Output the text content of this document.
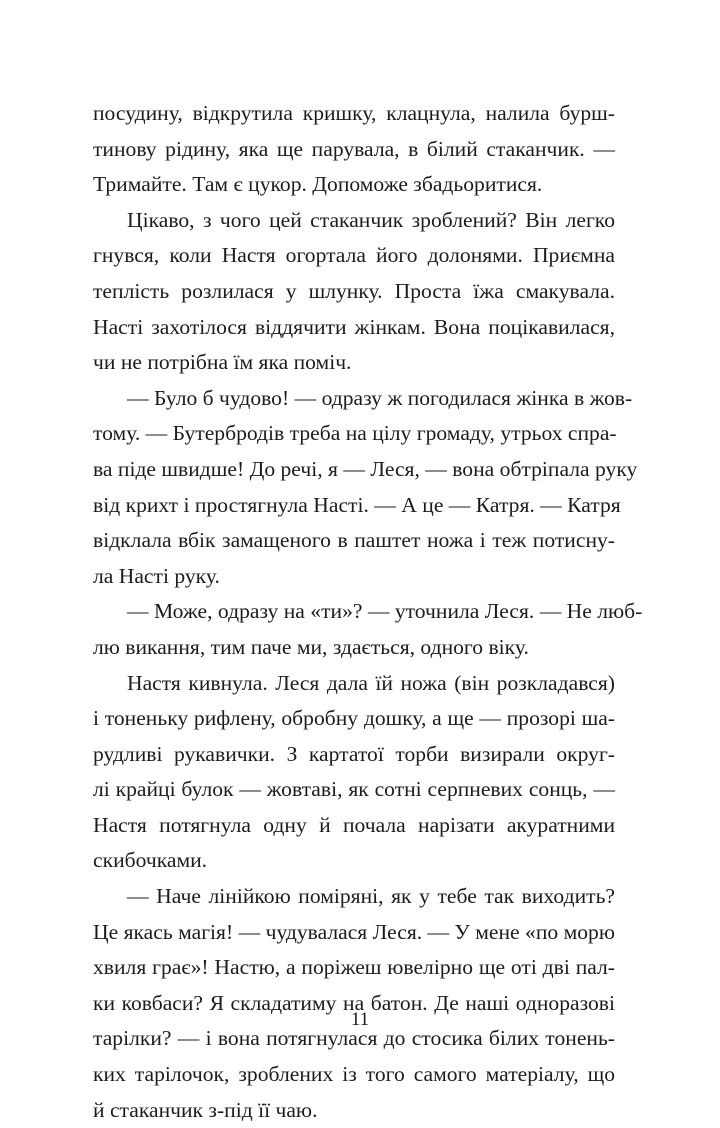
посудину, відкрутила кришку, клацнула, налила бурш-
тинову рідину, яка ще парувала, в білий стаканчик. —
Тримайте. Там є цукор. Допоможе збадьоритися.
Цікаво, з чого цей стаканчик зроблений? Він легко
гнувся, коли Настя огортала його долонями. Приємна
теплість розлилася у шлунку. Проста їжа смакувала.
Насті захотілося віддячити жінкам. Вона поцікавилася,
чи не потрібна їм яка поміч.
— Було б чудово! — одразу ж погодилася жінка в жов-
тому. — Бутербродів треба на цілу громаду, утрьох спра-
ва піде швидше! До речі, я — Леся, — вона обтріпала руку
від крихт і простягнула Насті. — А це — Катря. — Катря
відклала вбік замащеного в паштет ножа і теж потисну-
ла Насті руку.
— Може, одразу на «ти»? — уточнила Леся. — Не люб-
лю викання, тим паче ми, здається, одного віку.
Настя кивнула. Леся дала їй ножа (він розкладався)
і тоненьку рифлену, обробну дошку, а ще — прозорі ша-
рудливі рукавички. З картатої торби визирали округ-
лі крайці булок — жовтаві, як сотні серпневих сонць, —
Настя потягнула одну й почала нарізати акуратними
скибочками.
— Наче лінійкою поміряні, як у тебе так виходить?
Це якась магія! — чудувалася Леся. — У мене «по морю
хвиля грає»! Настю, а поріжеш ювелірно ще оті дві пал-
ки ковбаси? Я складатиму на батон. Де наші одноразові
тарілки? — і вона потягнулася до стосика білих тонень-
ких тарілочок, зроблених із того самого матеріалу, що
й стаканчик з-під її чаю.
11
